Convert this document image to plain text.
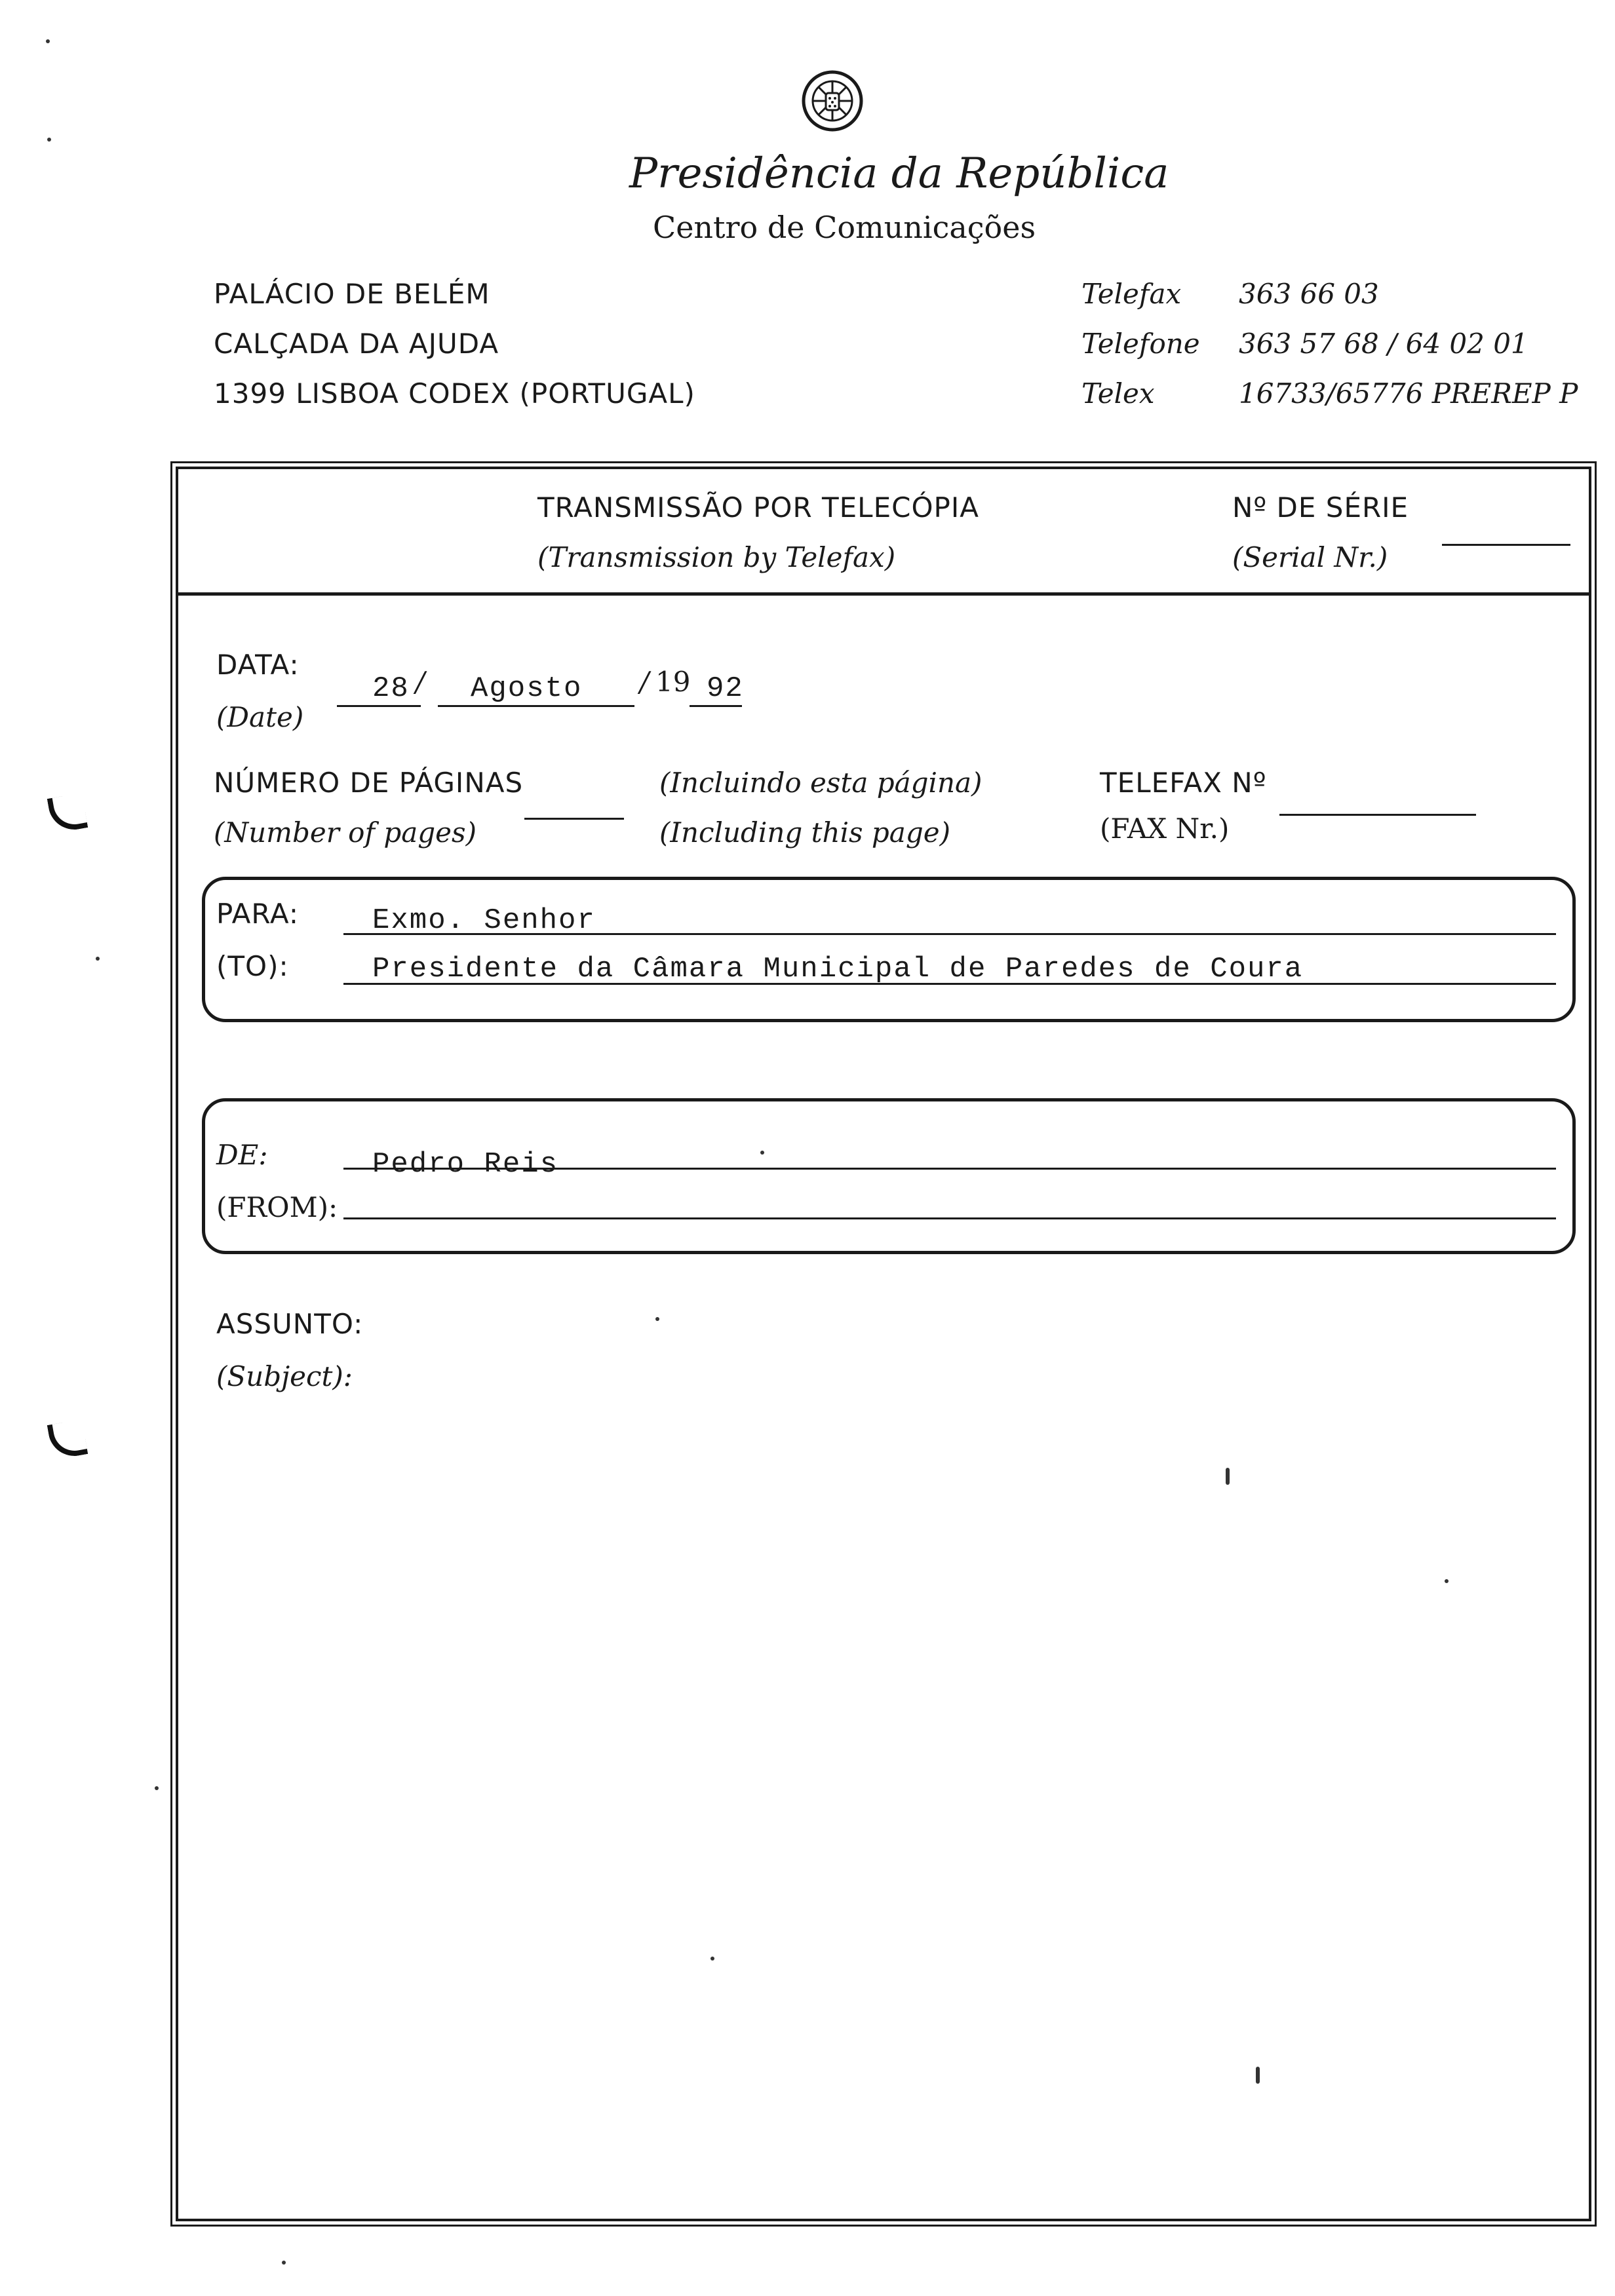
Presidência da República
Centro de Comunicações
PALÁCIO DE BELÉM
CALÇADA DA AJUDA
1399 LISBOA CODEX (PORTUGAL)
Telefax 363 66 03
Telefone 363 57 68 / 64 02 01
Telex	16733/65776 PREREP P
TRANSMISSÃO POR TELECÓPIA
(Transmission by Telefax)
Nº DE SÉRIE
(Serial Nr.)
DATA:
(Date)
28 / Agosto / 19 92
NÚMERO DE PÁGINAS
(Number of pages)
(Incluindo esta página)
(Including this page)
TELEFAX Nº
(FAX Nr.)
PARA:
(TO):
Exmo. Senhor
Presidente da Câmara Municipal de Paredes de Coura
DE:
(FROM):
Pedro Reis
ASSUNTO:
(Subject):
